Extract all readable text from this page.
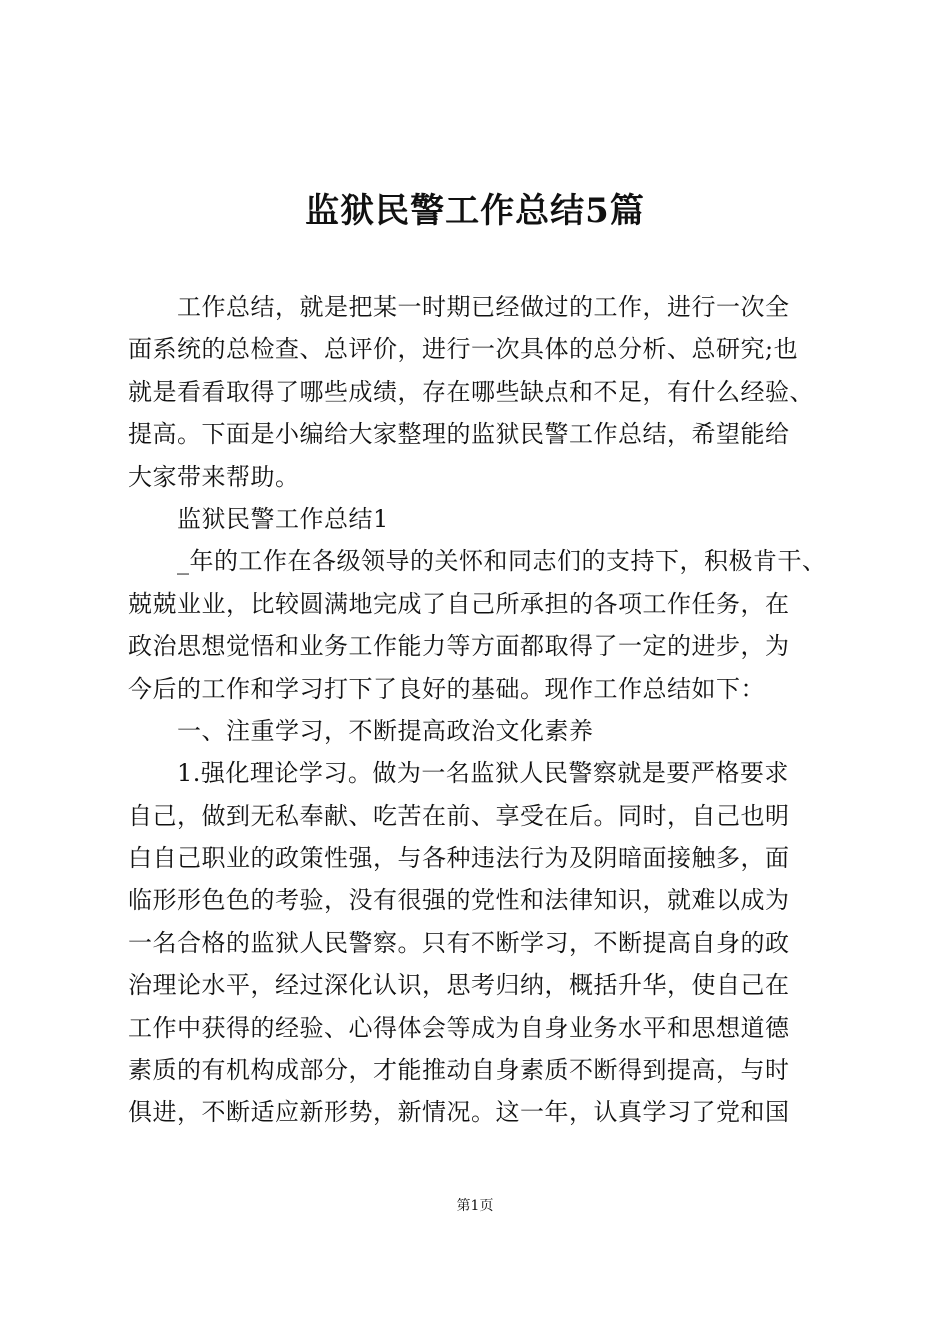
监狱民警工作总结5篇
　　工作总结，就是把某一时期已经做过的工作，进行一次全
面系统的总检查、总评价，进行一次具体的总分析、总研究;也
就是看看取得了哪些成绩，存在哪些缺点和不足，有什么经验、
提高。下面是小编给大家整理的监狱民警工作总结，希望能给
大家带来帮助。
　　监狱民警工作总结1
　　_年的工作在各级领导的关怀和同志们的支持下，积极肯干、
兢兢业业，比较圆满地完成了自己所承担的各项工作任务，在
政治思想觉悟和业务工作能力等方面都取得了一定的进步，为
今后的工作和学习打下了良好的基础。现作工作总结如下：
　　一、注重学习，不断提高政治文化素养
　　1.强化理论学习。做为一名监狱人民警察就是要严格要求
自己，做到无私奉献、吃苦在前、享受在后。同时，自己也明
白自己职业的政策性强，与各种违法行为及阴暗面接触多，面
临形形色色的考验，没有很强的党性和法律知识，就难以成为
一名合格的监狱人民警察。只有不断学习，不断提高自身的政
治理论水平，经过深化认识，思考归纳，概括升华，使自己在
工作中获得的经验、心得体会等成为自身业务水平和思想道德
素质的有机构成部分，才能推动自身素质不断得到提高，与时
俱进，不断适应新形势，新情况。这一年，认真学习了党和国
第1页
